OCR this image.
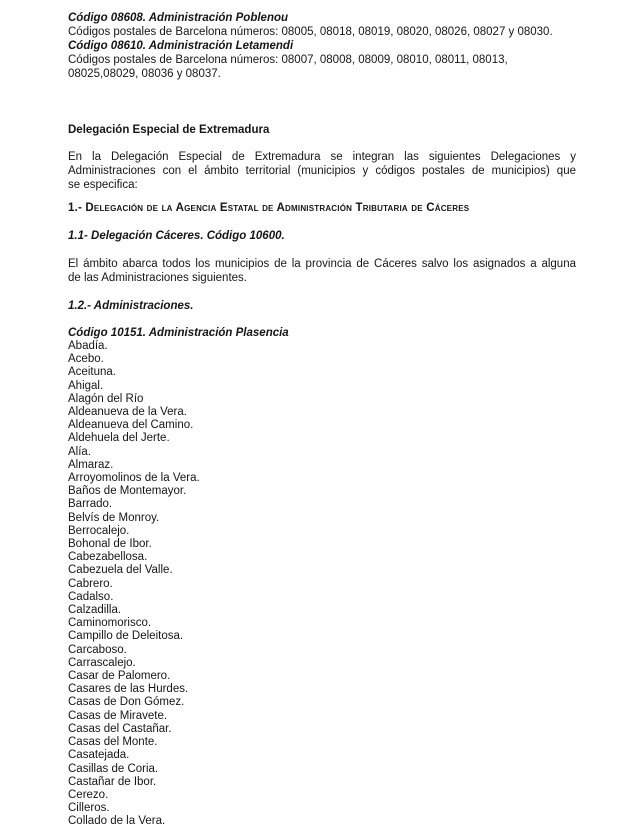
Código 08608. Administración Poblenou
Códigos postales de Barcelona números: 08005, 08018, 08019, 08020, 08026, 08027 y 08030.
Código 08610. Administración Letamendi
Códigos postales de Barcelona números: 08007, 08008, 08009, 08010, 08011, 08013,
08025,08029, 08036 y 08037.
Delegación Especial de Extremadura
En la Delegación Especial de Extremadura se integran las siguientes Delegaciones y
Administraciones con el ámbito territorial (municipios y códigos postales de municipios) que
se especifica:
1.- Delegación de la Agencia Estatal de Administración Tributaria de Cáceres
1.1- Delegación Cáceres. Código 10600.
El ámbito abarca todos los municipios de la provincia de Cáceres salvo los asignados a alguna
de las Administraciones siguientes.
1.2.- Administraciones.
Código 10151. Administración Plasencia
Abadía.
Acebo.
Aceituna.
Ahigal.
Alagón del Río
Aldeanueva de la Vera.
Aldeanueva del Camino.
Aldehuela del Jerte.
Alía.
Almaraz.
Arroyomolinos de la Vera.
Baños de Montemayor.
Barrado.
Belvís de Monroy.
Berrocalejo.
Bohonal de Ibor.
Cabezabellosa.
Cabezuela del Valle.
Cabrero.
Cadalso.
Calzadilla.
Caminomorisco.
Campillo de Deleitosa.
Carcaboso.
Carrascalejo.
Casar de Palomero.
Casares de las Hurdes.
Casas de Don Gómez.
Casas de Miravete.
Casas del Castañar.
Casas del Monte.
Casatejada.
Casillas de Coria.
Castañar de Ibor.
Cerezo.
Cilleros.
Collado de la Vera.
